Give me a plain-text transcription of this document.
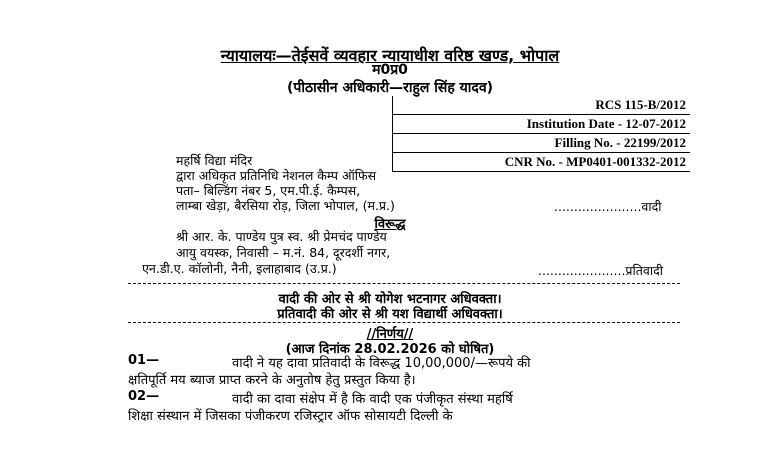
न्यायालयः—तेईसवें व्यवहार न्यायाधीश वरिष्ठ खण्ड, भोपाल
म0प्र0
(पीठासीन अधिकारी—राहुल सिंह यादव)
RCS 115-B/2012
Institution Date - 12-07-2012
Filling No. - 22199/2012
CNR No. - MP0401-001332-2012
महर्षि विद्या मंदिर
द्वारा अधिकृत प्रतिनिधि नेशनल कैम्प ऑफिस
पता– बिल्डिंग नंबर 5, एम.पी.ई. कैम्पस,
लाम्बा खेड़ा, बैरसिया रोड़, जिला भोपाल, (म.प्र.)	......................वादी
विरूद्ध
श्री आर. के. पाण्डेय पुत्र स्व. श्री प्रेमचंद पाण्डेय
आयु वयस्क, निवासी – म.नं. 84, दूरदर्शी नगर,
एन.डी.ए. कॉलोनी, नैनी, इलाहाबाद (उ.प्र.)	......................प्रतिवादी
वादी की ओर से श्री योगेश भटनागर अधिवक्ता।
प्रतिवादी की ओर से श्री यश विद्यार्थी अधिवक्ता।
//निर्णय//
(आज दिनांक 28.02.2026 को घोषित)
01—	वादी ने यह दावा प्रतिवादी के विरूद्ध 10,00,000/—रूपये की
क्षतिपूर्ति मय ब्याज प्राप्त करने के अनुतोष हेतु प्रस्तुत किया है।
02—	वादी का दावा संक्षेप में है कि वादी एक पंजीकृत संस्था महर्षि
शिक्षा संस्थान में जिसका पंजीकरण रजिस्ट्रार ऑफ सोसायटी दिल्ली के
